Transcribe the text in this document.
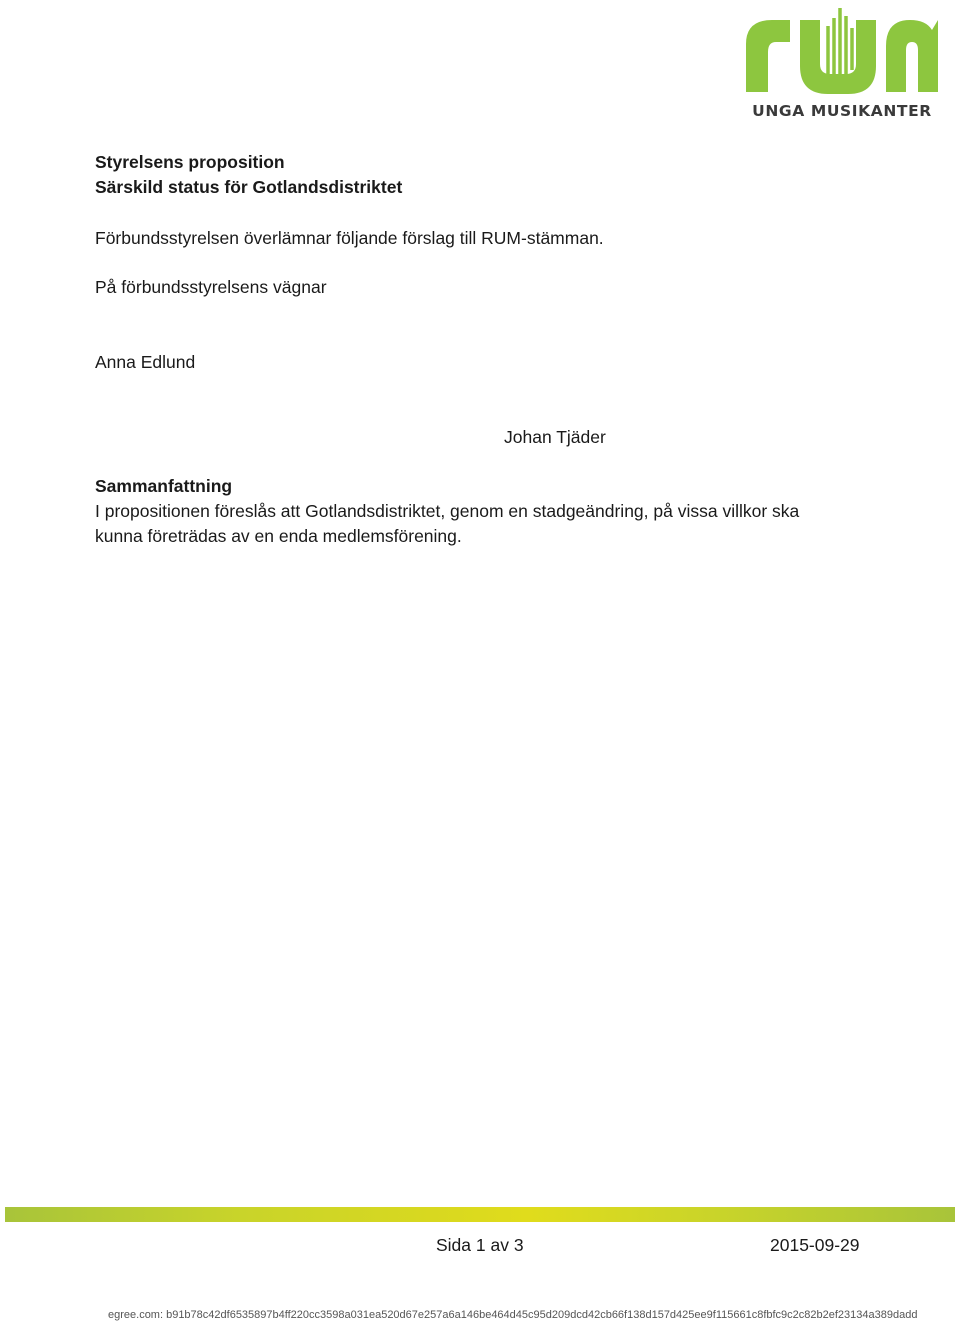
UNGA MUSIKANTER
Styrelsens proposition
Särskild status för Gotlandsdistriktet
Förbundsstyrelsen överlämnar följande förslag till RUM-stämman.
På förbundsstyrelsens vägnar
Anna Edlund
Johan Tjäder
Sammanfattning
I propositionen föreslås att Gotlandsdistriktet, genom en stadgeändring, på vissa villkor ska
kunna företrädas av en enda medlemsförening.
Sida 1 av 3	2015-09-29
egree.com: b91b78c42df6535897b4ff220cc3598a031ea520d67e257a6a146be464d45c95d209dcd42cb66f138d157d425ee9f115661c8fbfc9c2c82b2ef23134a389dadd
